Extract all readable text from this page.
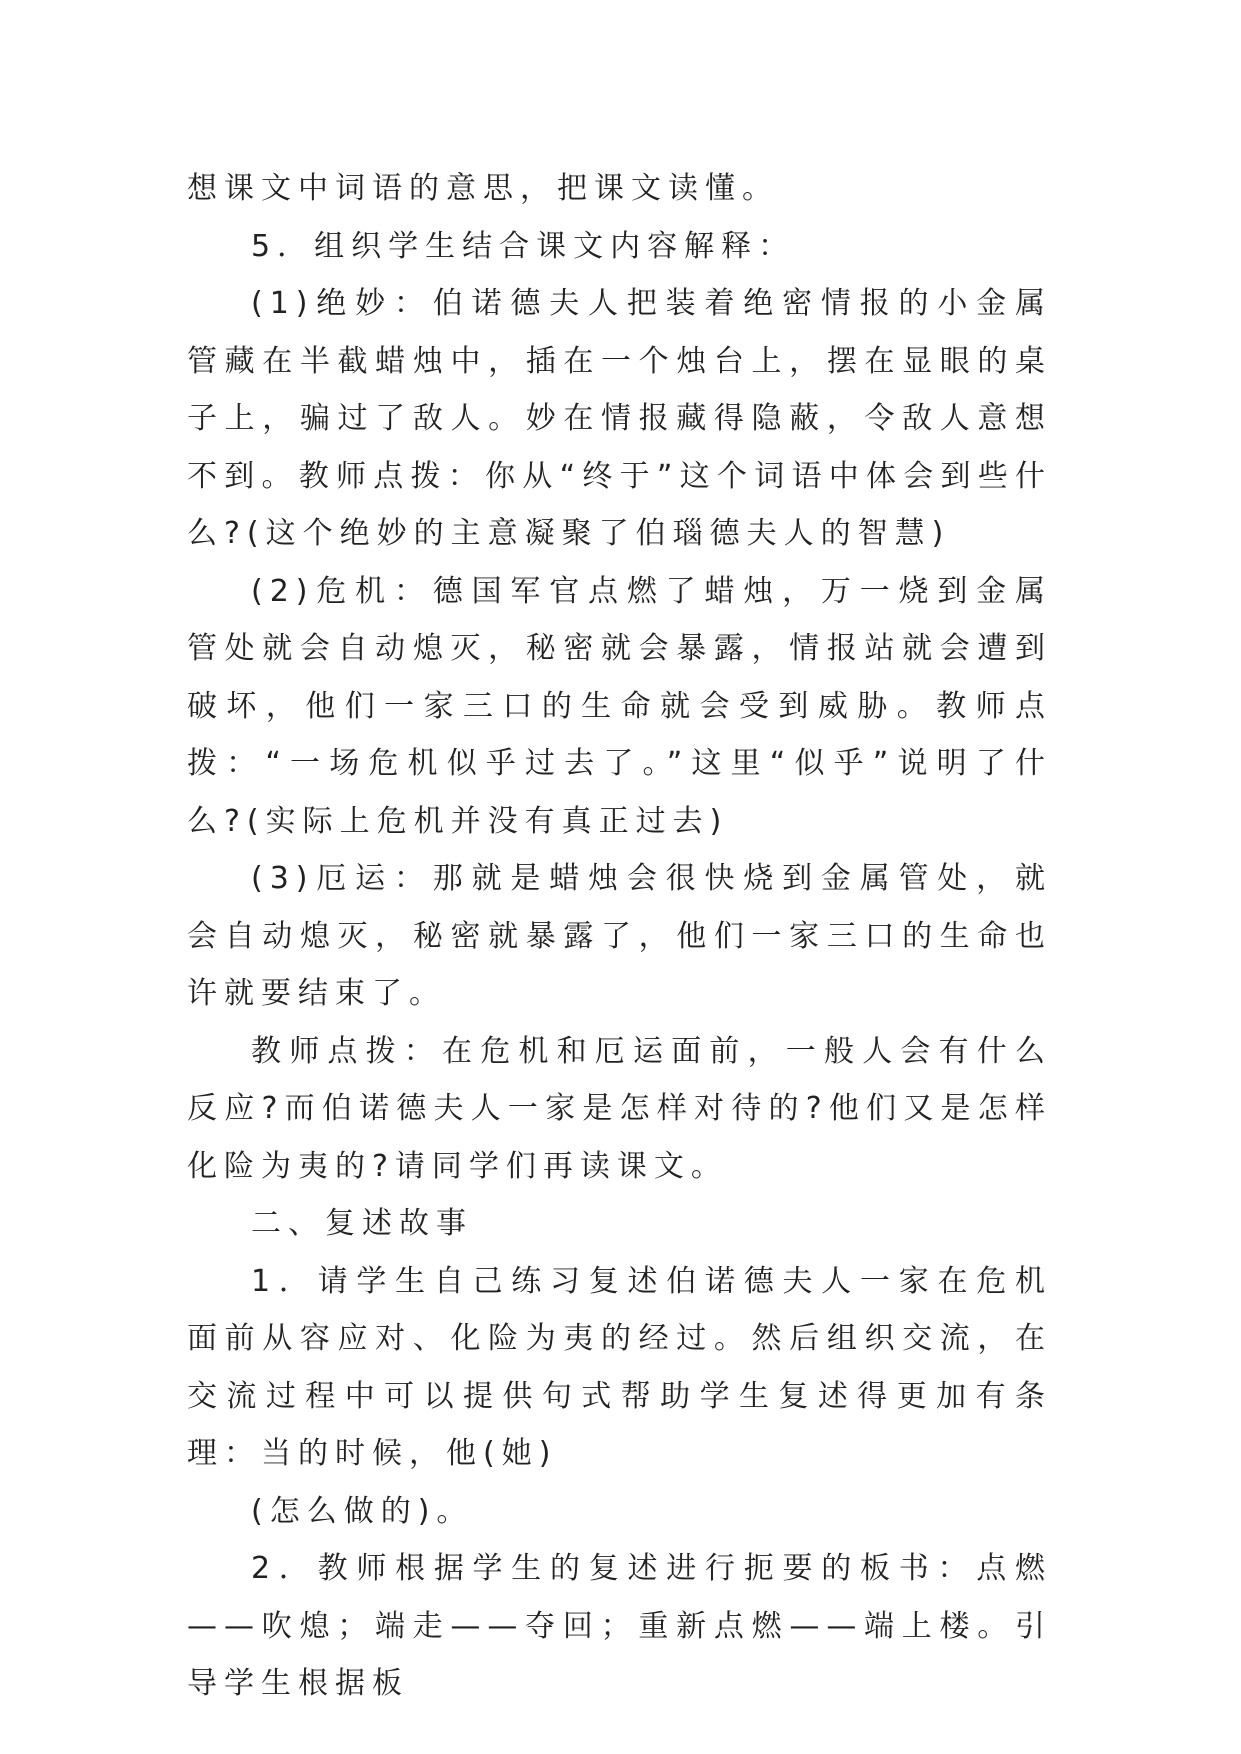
想课文中词语的意思，把课文读懂。

5．组织学生结合课文内容解释：

(1)绝妙：伯诺德夫人把装着绝密情报的小金属管藏在半截蜡烛中，插在一个烛台上，摆在显眼的桌子上，骗过了敌人。妙在情报藏得隐蔽，令敌人意想不到。教师点拨：你从“终于”这个词语中体会到些什么?(这个绝妙的主意凝聚了伯瑙德夫人的智慧)

(2)危机：德国军官点燃了蜡烛，万一烧到金属管处就会自动熄灭，秘密就会暴露，情报站就会遭到破坏，他们一家三口的生命就会受到威胁。教师点拨：“一场危机似乎过去了。”这里“似乎”说明了什么?(实际上危机并没有真正过去)

(3)厄运：那就是蜡烛会很快烧到金属管处，就会自动熄灭，秘密就暴露了，他们一家三口的生命也许就要结束了。

教师点拨：在危机和厄运面前，一般人会有什么反应?而伯诺德夫人一家是怎样对待的?他们又是怎样化险为夷的?请同学们再读课文。

二、复述故事

1．请学生自己练习复述伯诺德夫人一家在危机面前从容应对、化险为夷的经过。然后组织交流，在交流过程中可以提供句式帮助学生复述得更加有条理：当的时候，他(她)

(怎么做的)。

2．教师根据学生的复述进行扼要的板书：点燃——吹熄；端走——夺回；重新点燃——端上楼。引导学生根据板
